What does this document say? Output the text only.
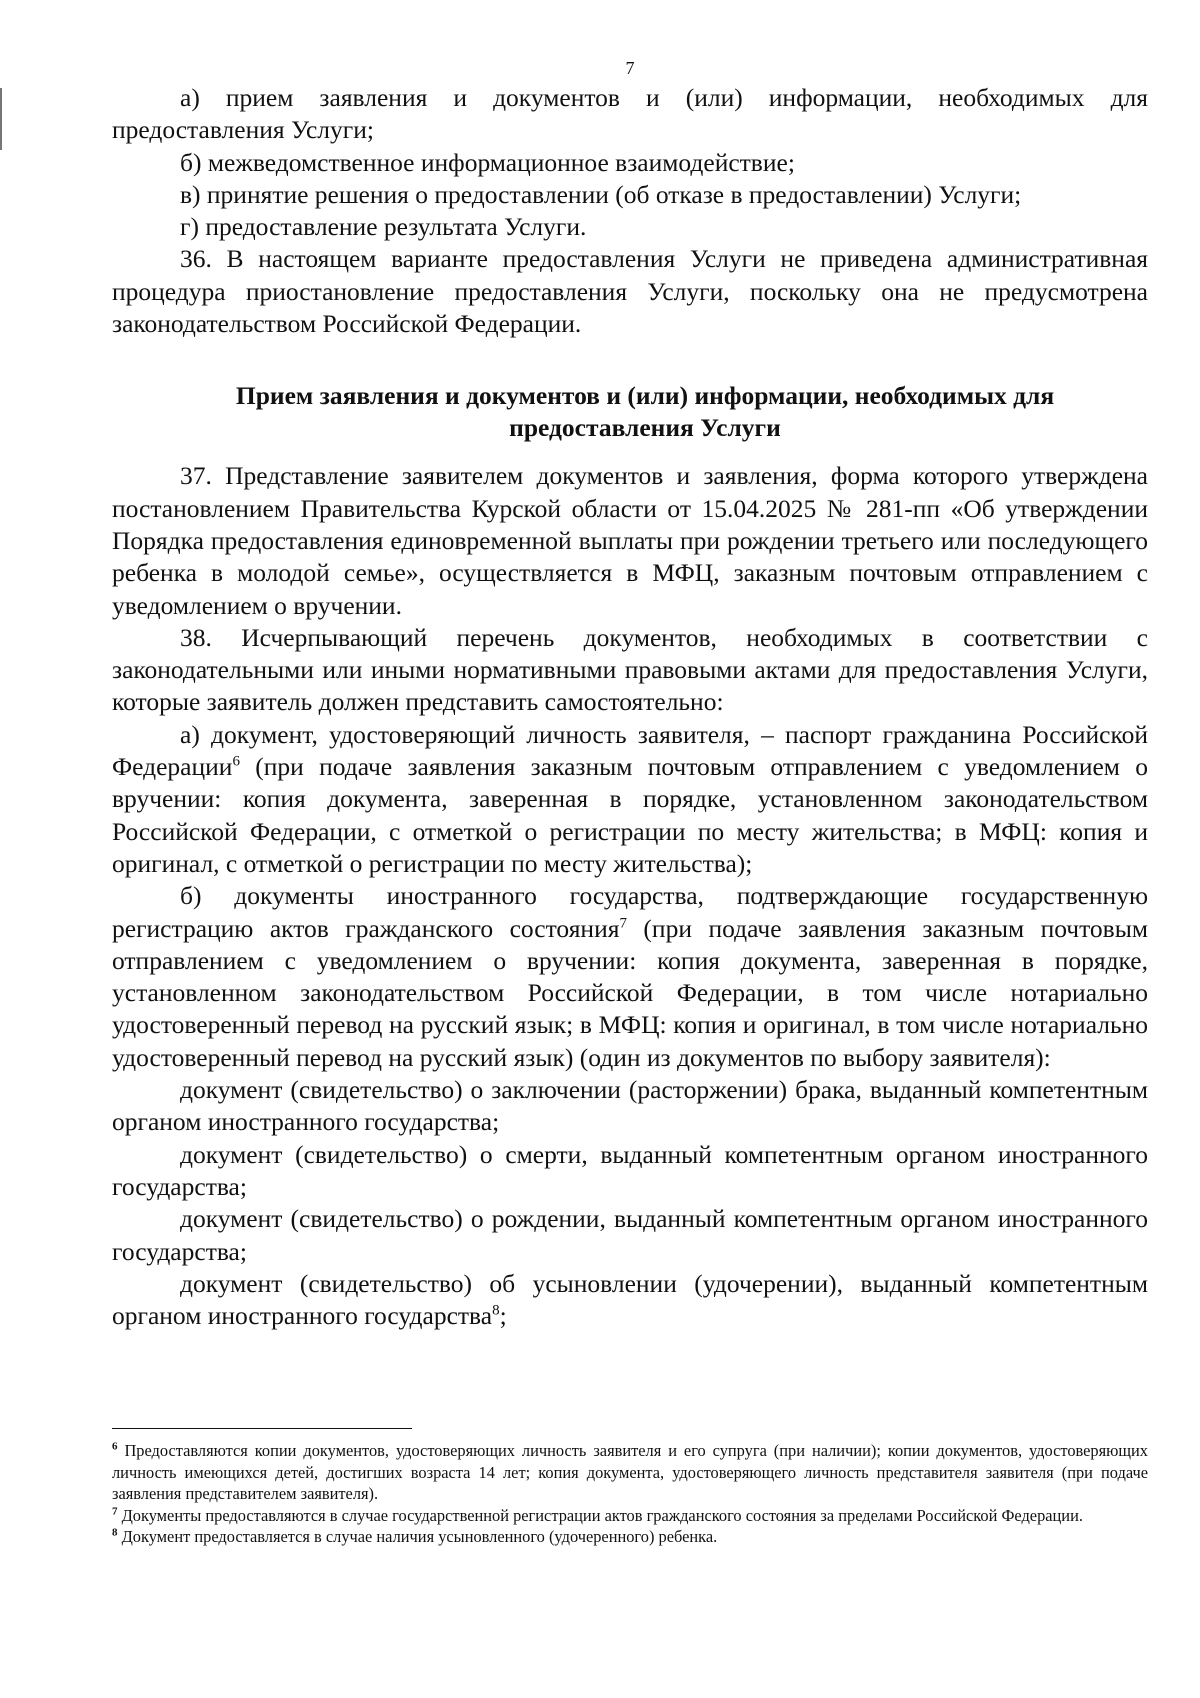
7

а) прием заявления и документов и (или) информации, необходимых для предоставления Услуги;

б) межведомственное информационное взаимодействие;

в) принятие решения о предоставлении (об отказе в предоставлении) Услуги;

г) предоставление результата Услуги.

36. В настоящем варианте предоставления Услуги не приведена административная процедура приостановление предоставления Услуги, поскольку она не предусмотрена законодательством Российской Федерации.

Прием заявления и документов и (или) информации, необходимых для предоставления Услуги

37. Представление заявителем документов и заявления, форма которого утверждена постановлением Правительства Курской области от 15.04.2025 № 281-пп «Об утверждении Порядка предоставления единовременной выплаты при рождении третьего или последующего ребенка в молодой семье», осуществляется в МФЦ, заказным почтовым отправлением с уведомлением о вручении.

38. Исчерпывающий перечень документов, необходимых в соответствии с законодательными или иными нормативными правовыми актами для предоставления Услуги, которые заявитель должен представить самостоятельно:

а) документ, удостоверяющий личность заявителя, – паспорт гражданина Российской Федерации$^6$ (при подаче заявления заказным почтовым отправлением с уведомлением о вручении: копия документа, заверенная в порядке, установленном законодательством Российской Федерации, с отметкой о регистрации по месту жительства; в МФЦ: копия и оригинал, с отметкой о регистрации по месту жительства);

б) документы иностранного государства, подтверждающие государственную регистрацию актов гражданского состояния$^7$ (при подаче заявления заказным почтовым отправлением с уведомлением о вручении: копия документа, заверенная в порядке, установленном законодательством Российской Федерации, в том числе нотариально удостоверенный перевод на русский язык; в МФЦ: копия и оригинал, в том числе нотариально удостоверенный перевод на русский язык) (один из документов по выбору заявителя):

документ (свидетельство) о заключении (расторжении) брака, выданный компетентным органом иностранного государства;

документ (свидетельство) о смерти, выданный компетентным органом иностранного государства;

документ (свидетельство) о рождении, выданный компетентным органом иностранного государства;

документ (свидетельство) об усыновлении (удочерении), выданный компетентным органом иностранного государства$^8$;

$^6$ Предоставляются копии документов, удостоверяющих личность заявителя и его супруга (при наличии); копии документов, удостоверяющих личность имеющихся детей, достигших возраста 14 лет; копия документа, удостоверяющего личность представителя заявителя (при подаче заявления представителем заявителя).

$^7$ Документы предоставляются в случае государственной регистрации актов гражданского состояния за пределами Российской Федерации.

$^8$ Документ предоставляется в случае наличия усыновленного (удочеренного) ребенка.
